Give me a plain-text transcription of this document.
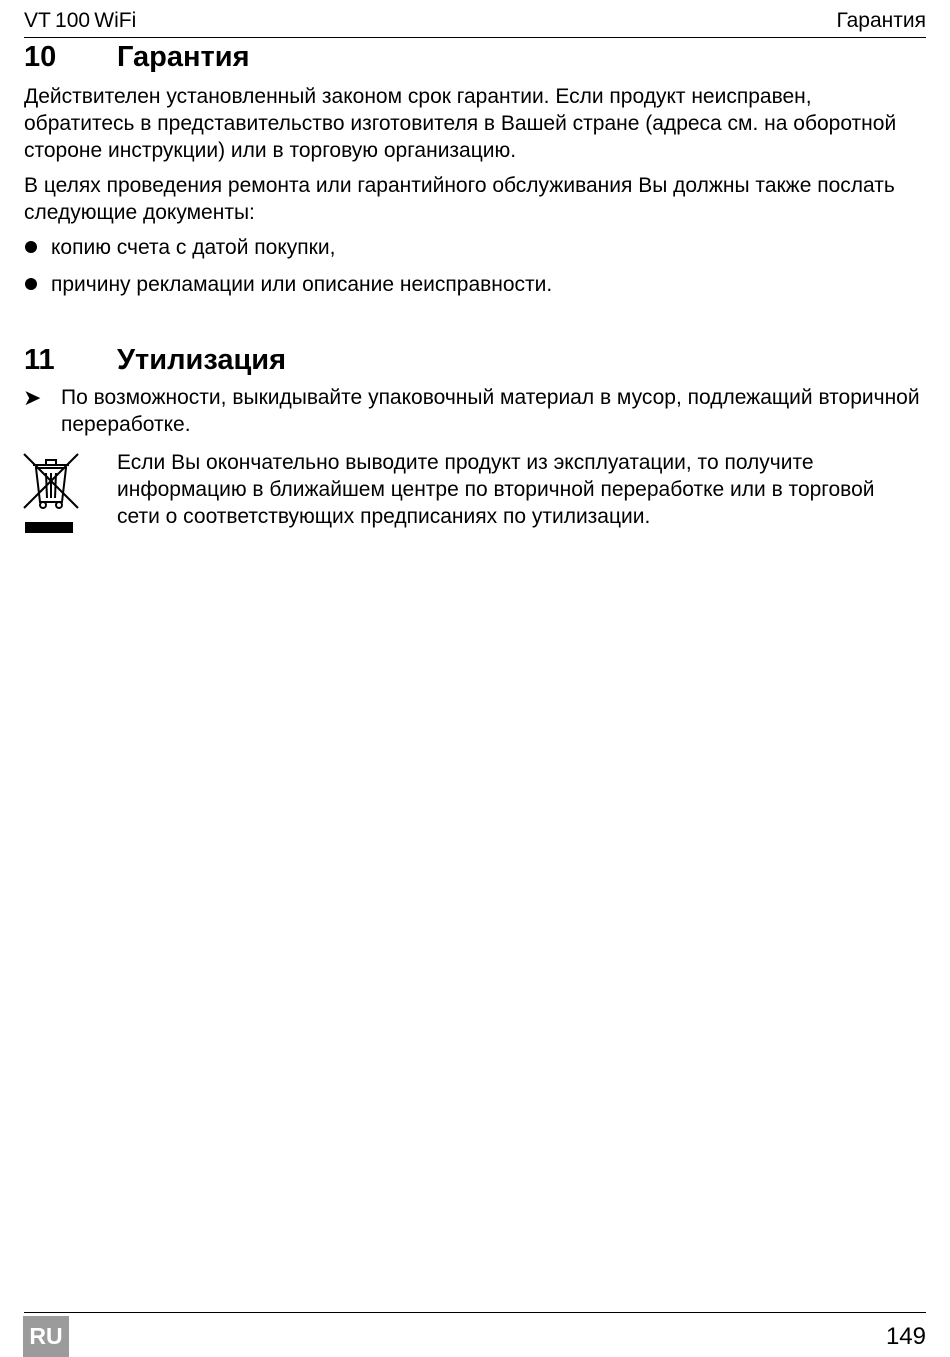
VT 100 WiFi	Гарантия
10 Гарантия

Действителен установленный законом срок гарантии. Если продукт неисправен, обратитесь в представительство изготовителя в Вашей стране (адреса см. на оборотной стороне инструкции) или в торговую организацию.

В целях проведения ремонта или гарантийного обслуживания Вы должны также послать следующие документы:

копию счета с датой покупки,
причину рекламации или описание неисправности.
11 Утилизация
➤ По возможности, выкидывайте упаковочный материал в мусор, подлежащий вторичной переработке.

Если Вы окончательно выводите продукт из эксплуатации, то получите информацию в ближайшем центре по вторичной переработке или в торговой сети о соответствующих предписаниях по утилизации.

RU	149
